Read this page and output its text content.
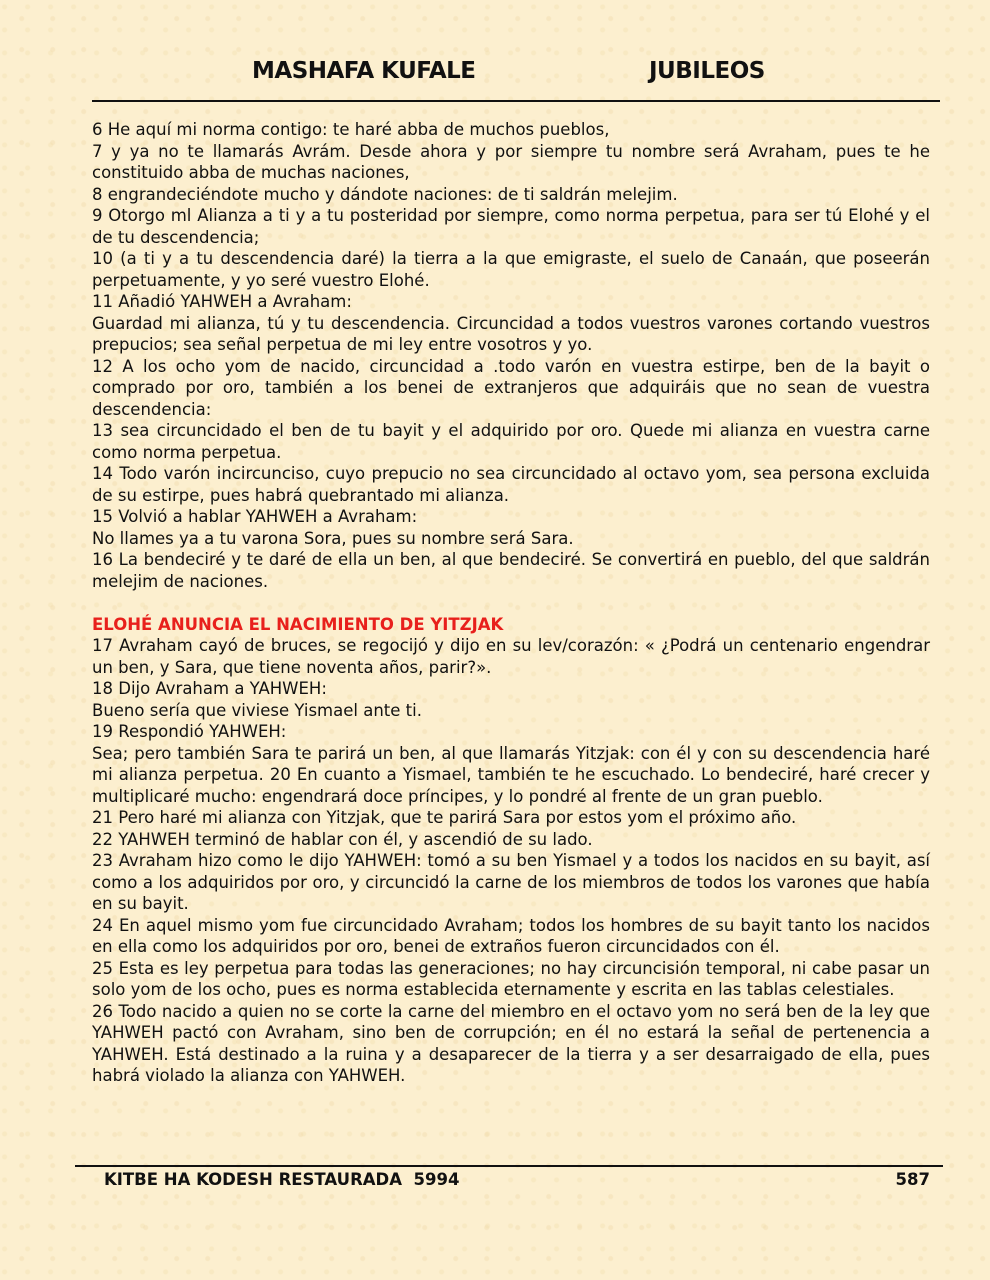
MASHAFA KUFALE	JUBILEOS

6 He aquí mi norma contigo: te haré abba de muchos pueblos,

7 y ya no te llamarás Avrám. Desde ahora y por siempre tu nombre será Avraham, pues te he constituido abba de muchas naciones,

8 engrandeciéndote mucho y dándote naciones: de ti saldrán melejim.

9 Otorgo ml Alianza a ti y a tu posteridad por siempre, como norma perpetua, para ser tú Elohé y el de tu descendencia;

10 (a ti y a tu descendencia daré) la tierra a la que emigraste, el suelo de Canaán, que poseerán perpetuamente, y yo seré vuestro Elohé.

11 Añadió YAHWEH a Avraham:

Guardad mi alianza, tú y tu descendencia. Circuncidad a todos vuestros varones cortando vuestros prepucios; sea señal perpetua de mi ley entre vosotros y yo.

12 A los ocho yom de nacido, circuncidad a .todo varón en vuestra estirpe, ben de la bayit o comprado por oro, también a los benei de extranjeros que adquiráis que no sean de vuestra descendencia:

13 sea circuncidado el ben de tu bayit y el adquirido por oro. Quede mi alianza en vuestra carne como norma perpetua.

14 Todo varón incircunciso, cuyo prepucio no sea circuncidado al octavo yom, sea persona excluida de su estirpe, pues habrá quebrantado mi alianza.

15 Volvió a hablar YAHWEH a Avraham:

No llames ya a tu varona Sora, pues su nombre será Sara.

16 La bendeciré y te daré de ella un ben, al que bendeciré. Se convertirá en pueblo, del que saldrán melejim de naciones.

ELOHÉ ANUNCIA EL NACIMIENTO DE YITZJAK

17 Avraham cayó de bruces, se regocijó y dijo en su lev/corazón: « ¿Podrá un centenario engendrar un ben, y Sara, que tiene noventa años, parir?».

18 Dijo Avraham a YAHWEH:

Bueno sería que viviese Yismael ante ti.

19 Respondió YAHWEH:

Sea; pero también Sara te parirá un ben, al que llamarás Yitzjak: con él y con su descendencia haré mi alianza perpetua. 20 En cuanto a Yismael, también te he escuchado. Lo bendeciré, haré crecer y multiplicaré mucho: engendrará doce príncipes, y lo pondré al frente de un gran pueblo.

21 Pero haré mi alianza con Yitzjak, que te parirá Sara por estos yom el próximo año.

22 YAHWEH terminó de hablar con él, y ascendió de su lado.

23 Avraham hizo como le dijo YAHWEH: tomó a su ben Yismael y a todos los nacidos en su bayit, así como a los adquiridos por oro, y circuncidó la carne de los miembros de todos los varones que había en su bayit.

24 En aquel mismo yom fue circuncidado Avraham; todos los hombres de su bayit tanto los nacidos en ella como los adquiridos por oro, benei de extraños fueron circuncidados con él.

25 Esta es ley perpetua para todas las generaciones; no hay circuncisión temporal, ni cabe pasar un solo yom de los ocho, pues es norma establecida eternamente y escrita en las tablas celestiales.

26 Todo nacido a quien no se corte la carne del miembro en el octavo yom no será ben de la ley que YAHWEH pactó con Avraham, sino ben de corrupción; en él no estará la señal de pertenencia a YAHWEH. Está destinado a la ruina y a desaparecer de la tierra y a ser desarraigado de ella, pues habrá violado la alianza con YAHWEH.

KITBE HA KODESH RESTAURADA  5994	587
